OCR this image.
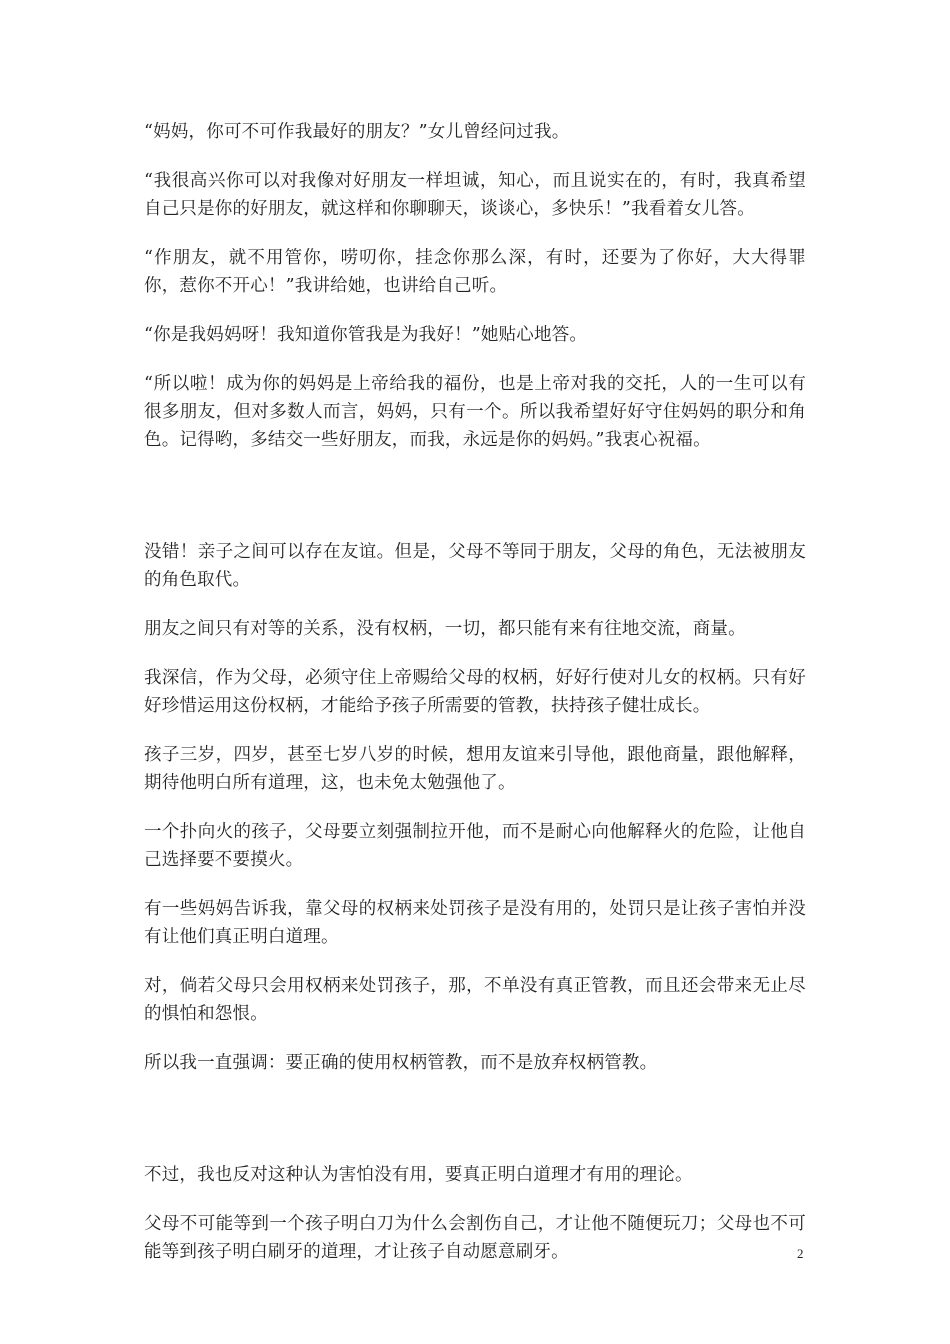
“妈妈，你可不可作我最好的朋友？”女儿曾经问过我。

“我很高兴你可以对我像对好朋友一样坦诚，知心，而且说实在的，有时，我真希望自己只是你的好朋友，就这样和你聊聊天，谈谈心，多快乐！”我看着女儿答。

“作朋友，就不用管你，唠叨你，挂念你那么深，有时，还要为了你好，大大得罪你，惹你不开心！”我讲给她，也讲给自己听。

“你是我妈妈呀！我知道你管我是为我好！”她贴心地答。

“所以啦！成为你的妈妈是上帝给我的福份，也是上帝对我的交托，人的一生可以有很多朋友，但对多数人而言，妈妈，只有一个。所以我希望好好守住妈妈的职分和角色。记得哟，多结交一些好朋友，而我，永远是你的妈妈。”我衷心祝福。

没错！亲子之间可以存在友谊。但是，父母不等同于朋友，父母的角色，无法被朋友的角色取代。

朋友之间只有对等的关系，没有权柄，一切，都只能有来有往地交流，商量。

我深信，作为父母，必须守住上帝赐给父母的权柄，好好行使对儿女的权柄。只有好好珍惜运用这份权柄，才能给予孩子所需要的管教，扶持孩子健壮成长。

孩子三岁，四岁，甚至七岁八岁的时候，想用友谊来引导他，跟他商量，跟他解释，期待他明白所有道理，这，也未免太勉强他了。

一个扑向火的孩子，父母要立刻强制拉开他，而不是耐心向他解释火的危险，让他自己选择要不要摸火。

有一些妈妈告诉我，靠父母的权柄来处罚孩子是没有用的，处罚只是让孩子害怕并没有让他们真正明白道理。

对，倘若父母只会用权柄来处罚孩子，那，不单没有真正管教，而且还会带来无止尽的惧怕和怨恨。

所以我一直强调：要正确的使用权柄管教，而不是放弃权柄管教。

不过，我也反对这种认为害怕没有用，要真正明白道理才有用的理论。

父母不可能等到一个孩子明白刀为什么会割伤自己，才让他不随便玩刀；父母也不可能等到孩子明白刷牙的道理，才让孩子自动愿意刷牙。	2
